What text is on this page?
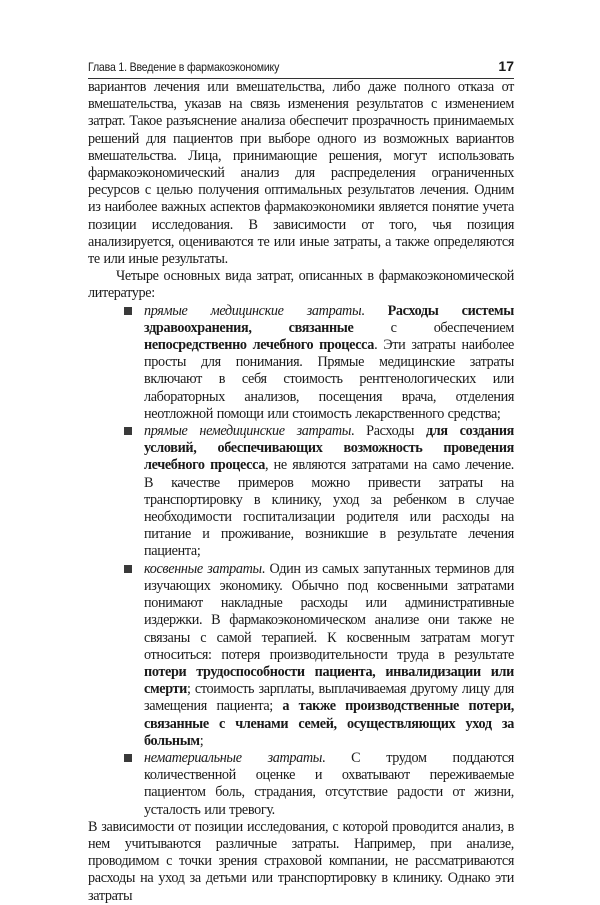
Глава 1. Введение в фармакоэкономику	17

вариантов лечения или вмешательства, либо даже полного отказа от вмешательства, указав на связь изменения результатов с изменением затрат. Такое разъяснение анализа обеспечит прозрачность принимаемых решений для пациентов при выборе одного из возможных вариантов вмешательства. Лица, принимающие решения, могут использовать фармакоэкономический анализ для распределения ограниченных ресурсов с целью получения оптимальных результатов лечения. Одним из наиболее важных аспектов фармакоэкономики является понятие учета позиции исследования. В зависимости от того, чья позиция анализируется, оцениваются те или иные затраты, а также определяются те или иные результаты.

Четыре основных вида затрат, описанных в фармакоэкономической литературе:

прямые медицинские затраты. Расходы системы здравоохранения, связанные с обеспечением непосредственно лечебного процесса. Эти затраты наиболее просты для понимания. Прямые медицинские затраты включают в себя стоимость рентгенологических или лабораторных анализов, посещения врача, отделения неотложной помощи или стоимость лекарственного средства;
прямые немедицинские затраты. Расходы для создания условий, обеспечивающих возможность проведения лечебного процесса, не являются затратами на само лечение. В качестве примеров можно привести затраты на транспортировку в клинику, уход за ребенком в случае необходимости госпитализации родителя или расходы на питание и проживание, возникшие в результате лечения пациента;
косвенные затраты. Один из самых запутанных терминов для изучающих экономику. Обычно под косвенными затратами понимают накладные расходы или административные издержки. В фармакоэкономическом анализе они также не связаны с самой терапией. К косвенным затратам могут относиться: потеря производительности труда в результате потери трудоспособности пациента, инвалидизации или смерти; стоимость зарплаты, выплачиваемая другому лицу для замещения пациента; а также производственные потери, связанные с членами семей, осуществляющих уход за больным;
нематериальные затраты. С трудом поддаются количественной оценке и охватывают переживаемые пациентом боль, страдания, отсутствие радости от жизни, усталость или тревогу.

В зависимости от позиции исследования, с которой проводится анализ, в нем учитываются различные затраты. Например, при анализе, проводимом с точки зрения страховой компании, не рассматриваются расходы на уход за детьми или транспортировку в клинику. Однако эти затраты
